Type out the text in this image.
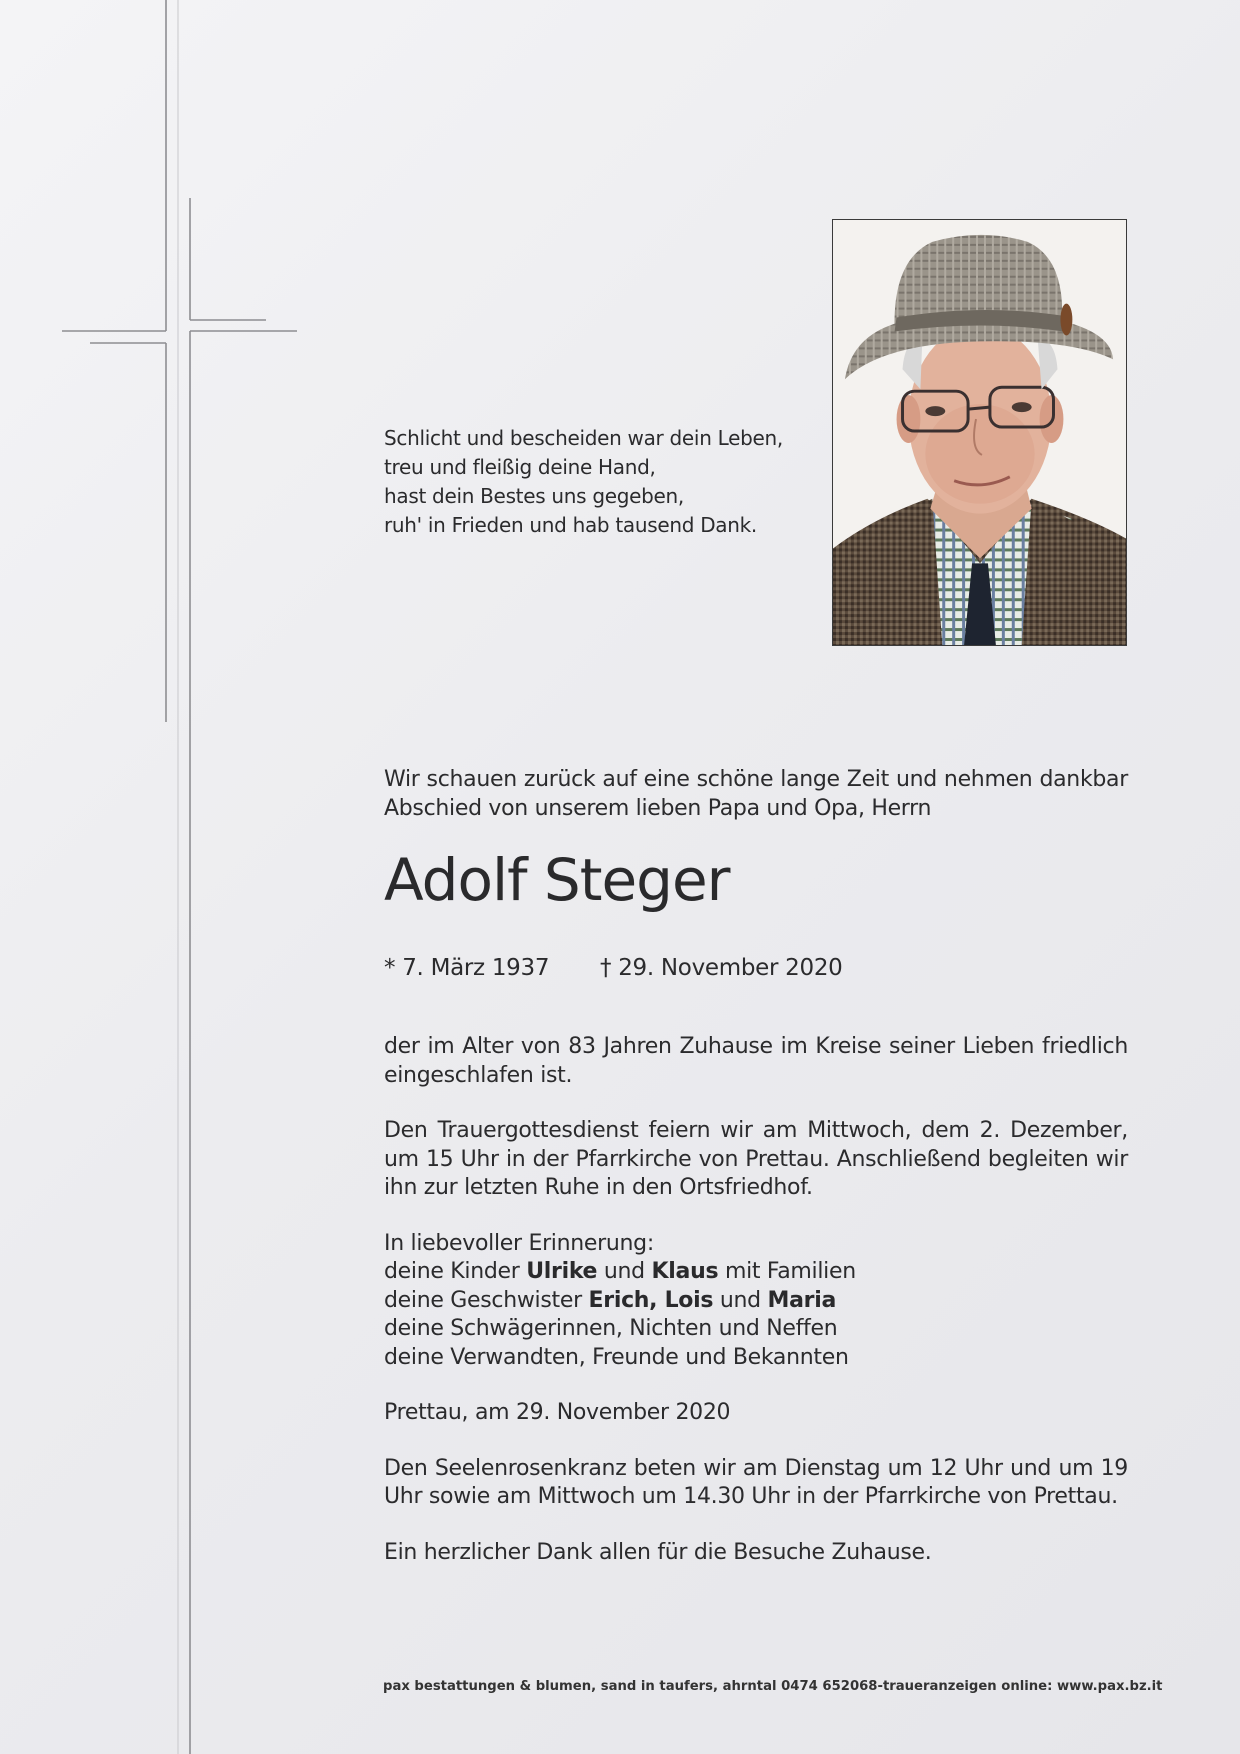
Schlicht und bescheiden war dein Leben,
treu und fleißig deine Hand,
hast dein Bestes uns gegeben,
ruh' in Frieden und hab tausend Dank.

Wir schauen zurück auf eine schöne lange Zeit und nehmen dankbar Abschied von unserem lieben Papa und Opa, Herrn

Adolf Steger
* 7. März 1937 † 29. November 2020

der im Alter von 83 Jahren Zuhause im Kreise seiner Lieben friedlich eingeschlafen ist.

Den Trauergottesdienst feiern wir am Mittwoch, dem 2. Dezember, um 15 Uhr in der Pfarrkirche von Prettau. Anschließend begleiten wir ihn zur letzten Ruhe in den Ortsfriedhof.

In liebevoller Erinnerung:
deine Kinder Ulrike und Klaus mit Familien
deine Geschwister Erich, Lois und Maria
deine Schwägerinnen, Nichten und Neffen
deine Verwandten, Freunde und Bekannten

Prettau, am 29. November 2020

Den Seelenrosenkranz beten wir am Dienstag um 12 Uhr und um 19 Uhr sowie am Mittwoch um 14.30 Uhr in der Pfarrkirche von Prettau.

Ein herzlicher Dank allen für die Besuche Zuhause.

pax bestattungen & blumen, sand in taufers, ahrntal 0474 652068-traueranzeigen online: www.pax.bz.it
